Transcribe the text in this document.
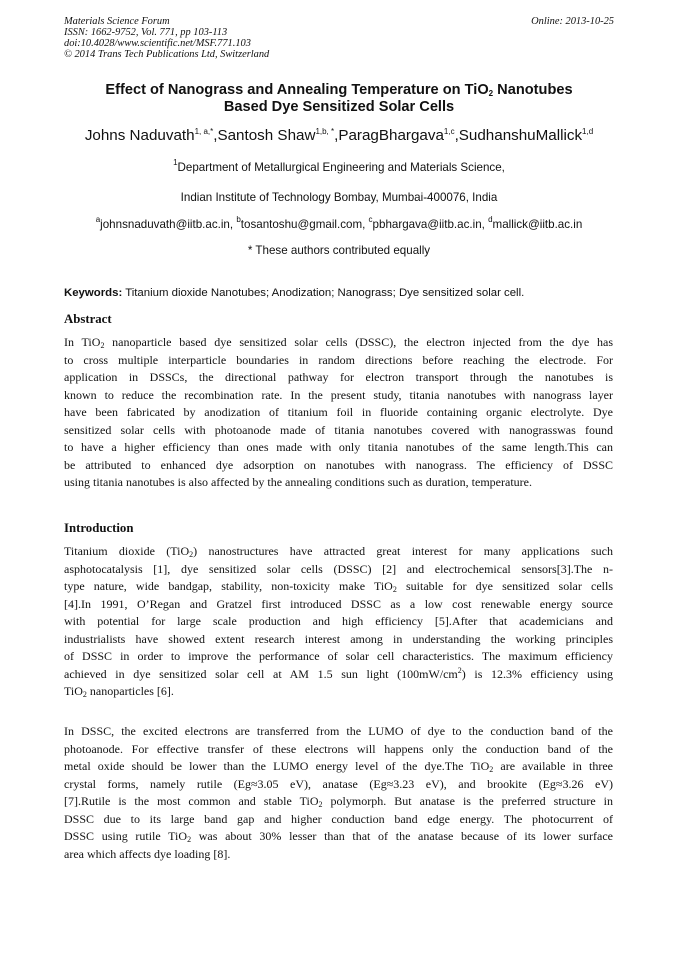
Materials Science Forum
ISSN: 1662-9752, Vol. 771, pp 103-113
doi:10.4028/www.scientific.net/MSF.771.103
© 2014 Trans Tech Publications Ltd, Switzerland
Online: 2013-10-25
Effect of Nanograss and Annealing Temperature on TiO$_2$ Nanotubes
Based Dye Sensitized Solar Cells
Johns Naduvath$^{1, a,*}$,Santosh Shaw$^{1,b, *}$,ParagBhargava$^{1,c}$,SudhanshuMallick$^{1,d}$
$^1$Department of Metallurgical Engineering and Materials Science,
Indian Institute of Technology Bombay, Mumbai-400076, India
$^a$johnsnaduvath@iitb.ac.in, $^b$tosantoshu@gmail.com, $^c$pbhargava@iitb.ac.in, $^d$mallick@iitb.ac.in
* These authors contributed equally
Keywords: Titanium dioxide Nanotubes; Anodization; Nanograss; Dye sensitized solar cell.
Abstract
In TiO$_2$ nanoparticle based dye sensitized solar cells (DSSC), the electron injected from the dye has
to cross multiple interparticle boundaries in random directions before reaching the electrode. For
application in DSSCs, the directional pathway for electron transport through the nanotubes is
known to reduce the recombination rate. In the present study, titania nanotubes with nanograss layer
have been fabricated by anodization of titanium foil in fluoride containing organic electrolyte. Dye
sensitized solar cells with photoanode made of titania nanotubes covered with nanograsswas found
to have a higher efficiency than ones made with only titania nanotubes of the same length.This can
be attributed to enhanced dye adsorption on nanotubes with nanograss. The efficiency of DSSC
using titania nanotubes is also affected by the annealing conditions such as duration, temperature.
Introduction
Titanium dioxide (TiO$_2$) nanostructures have attracted great interest for many applications such
asphotocatalysis [1], dye sensitized solar cells (DSSC) [2] and electrochemical sensors[3].The n-
type nature, wide bandgap, stability, non-toxicity make TiO$_2$ suitable for dye sensitized solar cells
[4].In 1991, O’Regan and Gratzel first introduced DSSC as a low cost renewable energy source
with potential for large scale production and high efficiency [5].After that academicians and
industrialists have showed extent research interest among in understanding the working principles
of DSSC in order to improve the performance of solar cell characteristics. The maximum efficiency
achieved in dye sensitized solar cell at AM 1.5 sun light $(100mW/cm^2)$ is 12.3% efficiency using
TiO$_2$ nanoparticles [6].
In DSSC, the excited electrons are transferred from the LUMO of dye to the conduction band of the
photoanode. For effective transfer of these electrons will happens only the conduction band of the
metal oxide should be lower than the LUMO energy level of the dye.The TiO$_2$ are available in three
crystal forms, namely rutile (Eg≈3.05 eV), anatase (Eg≈3.23 eV), and brookite (Eg≈3.26 eV)
[7].Rutile is the most common and stable TiO$_2$ polymorph. But anatase is the preferred structure in
DSSC due to its large band gap and higher conduction band edge energy. The photocurrent of
DSSC using rutile TiO$_2$ was about 30% lesser than that of the anatase because of its lower surface
area which affects dye loading [8].
